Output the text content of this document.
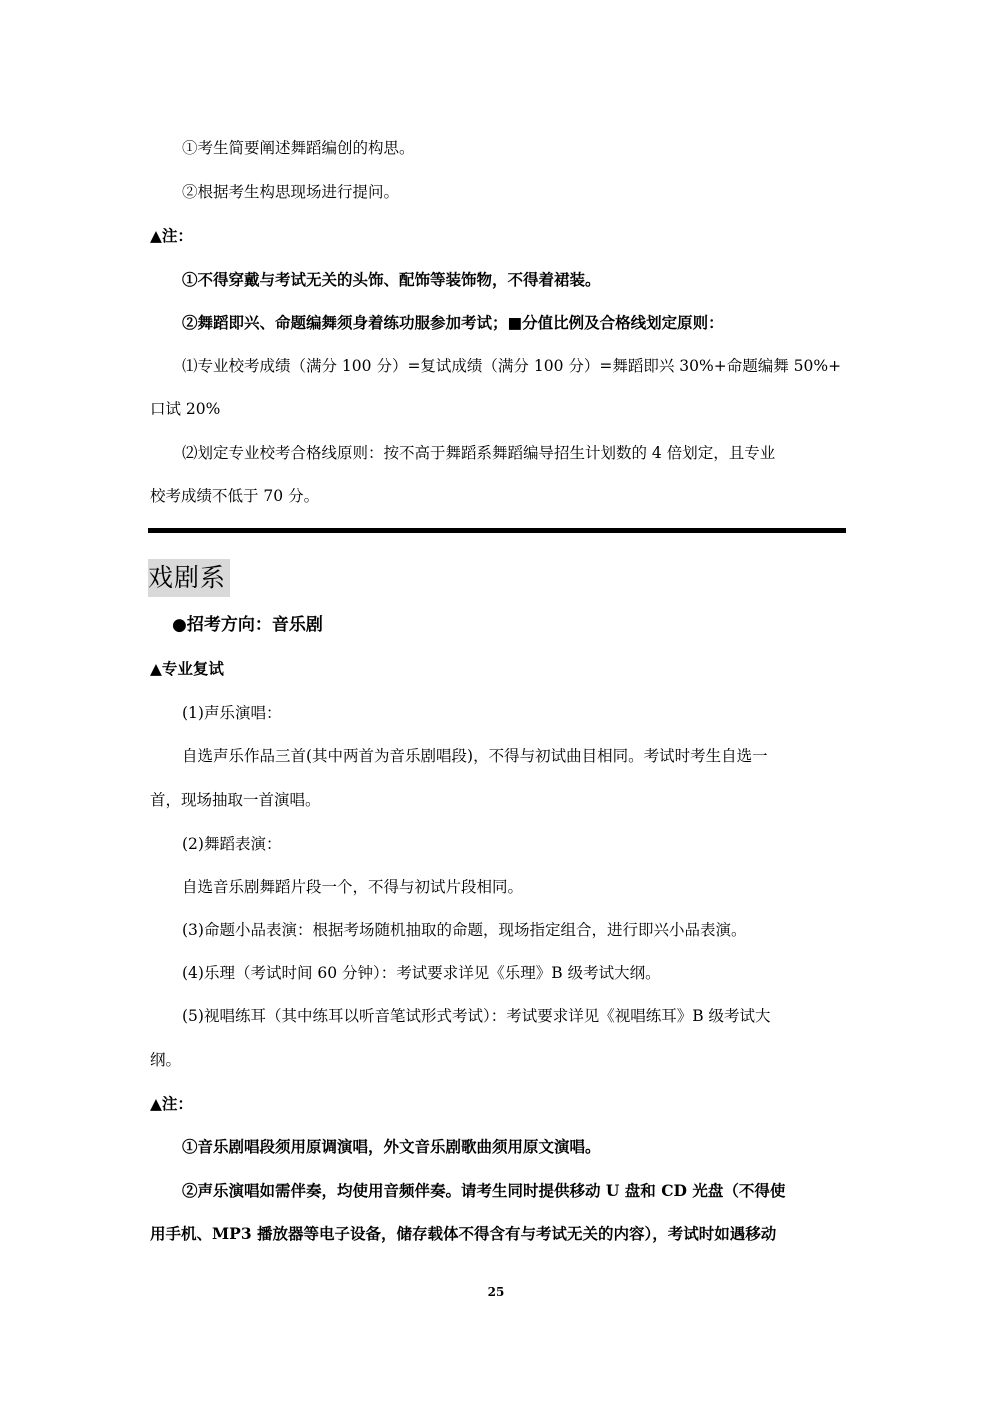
①考生简要阐述舞蹈编创的构思。
②根据考生构思现场进行提问。
▲注：
①不得穿戴与考试无关的头饰、配饰等装饰物，不得着裙装。
②舞蹈即兴、命题编舞须身着练功服参加考试；■分值比例及合格线划定原则：
⑴专业校考成绩（满分 100 分）=复试成绩（满分 100 分）=舞蹈即兴 30%+命题编舞 50%+
口试 20%
⑵划定专业校考合格线原则：按不高于舞蹈系舞蹈编导招生计划数的 4 倍划定，且专业
校考成绩不低于 70 分。
戏剧系
●招考方向：音乐剧
▲专业复试
(1)声乐演唱：
自选声乐作品三首(其中两首为音乐剧唱段)，不得与初试曲目相同。考试时考生自选一
首，现场抽取一首演唱。
(2)舞蹈表演：
自选音乐剧舞蹈片段一个，不得与初试片段相同。
(3)命题小品表演：根据考场随机抽取的命题，现场指定组合，进行即兴小品表演。
(4)乐理（考试时间 60 分钟）：考试要求详见《乐理》B 级考试大纲。
(5)视唱练耳（其中练耳以听音笔试形式考试）：考试要求详见《视唱练耳》B 级考试大
纲。
▲注：
①音乐剧唱段须用原调演唱，外文音乐剧歌曲须用原文演唱。
②声乐演唱如需伴奏，均使用音频伴奏。请考生同时提供移动 U 盘和 CD 光盘（不得使
用手机、MP3 播放器等电子设备，储存载体不得含有与考试无关的内容），考试时如遇移动
25
